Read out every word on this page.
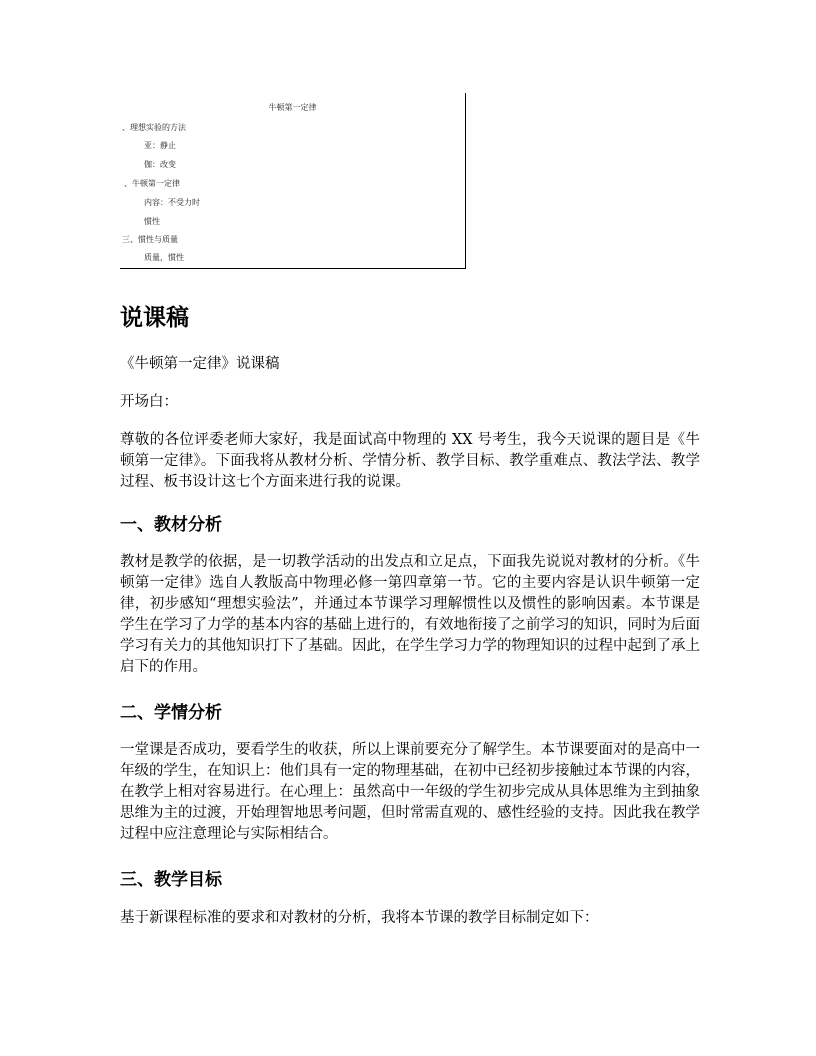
牛顿第一定律
、理想实验的方法
亚：静止
伽：改变
、牛顿第一定律
内容：不受力时
惯性
三、惯性与质量
质量，惯性
说课稿

《牛顿第一定律》说课稿

开场白：

尊敬的各位评委老师大家好，我是面试高中物理的 XX 号考生，我今天说课的题目是《牛顿第一定律》。下面我将从教材分析、学情分析、教学目标、教学重难点、教法学法、教学过程、板书设计这七个方面来进行我的说课。

一、教材分析

教材是教学的依据，是一切教学活动的出发点和立足点，下面我先说说对教材的分析。《牛顿第一定律》选自人教版高中物理必修一第四章第一节。它的主要内容是认识牛顿第一定律，初步感知“理想实验法”，并通过本节课学习理解惯性以及惯性的影响因素。本节课是学生在学习了力学的基本内容的基础上进行的，有效地衔接了之前学习的知识，同时为后面学习有关力的其他知识打下了基础。因此，在学生学习力学的物理知识的过程中起到了承上启下的作用。

二、学情分析

一堂课是否成功，要看学生的收获，所以上课前要充分了解学生。本节课要面对的是高中一年级的学生，在知识上：他们具有一定的物理基础，在初中已经初步接触过本节课的内容，在教学上相对容易进行。在心理上：虽然高中一年级的学生初步完成从具体思维为主到抽象思维为主的过渡，开始理智地思考问题，但时常需直观的、感性经验的支持。因此我在教学过程中应注意理论与实际相结合。

三、教学目标

基于新课程标准的要求和对教材的分析，我将本节课的教学目标制定如下：
